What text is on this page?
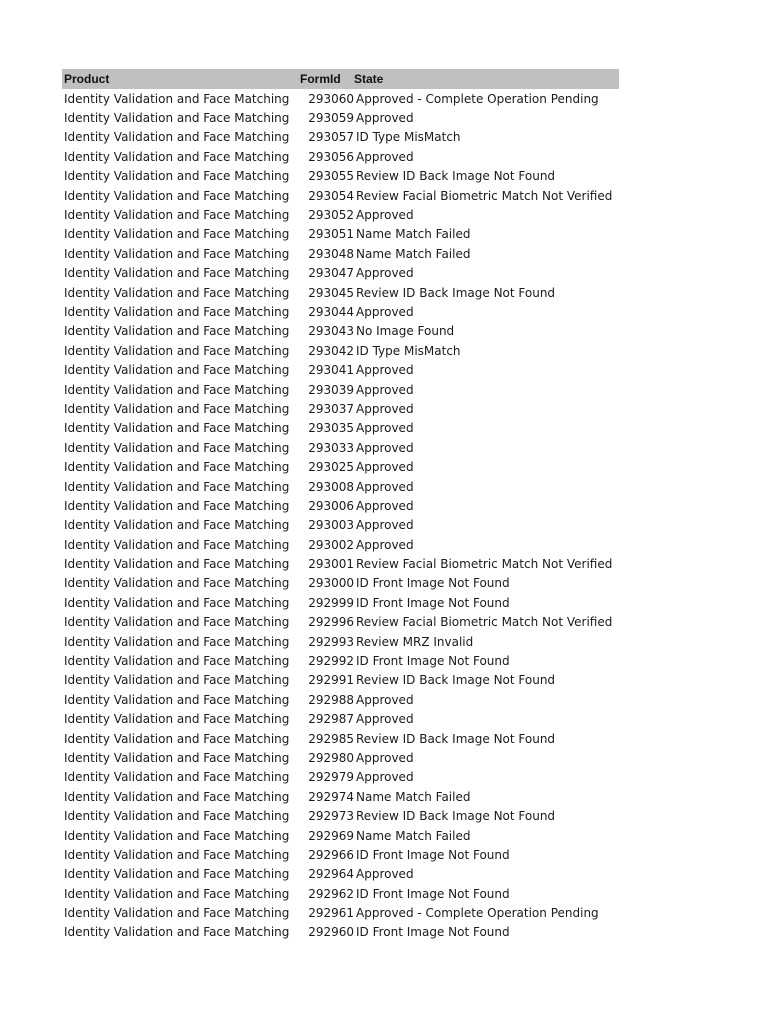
Product	FormId	State
Identity Validation and Face Matching	293060 Approved - Complete Operation Pending
Identity Validation and Face Matching	293059 Approved
Identity Validation and Face Matching	293057 ID Type MisMatch
Identity Validation and Face Matching	293056 Approved
Identity Validation and Face Matching	293055 Review ID Back Image Not Found
Identity Validation and Face Matching	293054 Review Facial Biometric Match Not Verified
Identity Validation and Face Matching	293052 Approved
Identity Validation and Face Matching	293051 Name Match Failed
Identity Validation and Face Matching	293048 Name Match Failed
Identity Validation and Face Matching	293047 Approved
Identity Validation and Face Matching	293045 Review ID Back Image Not Found
Identity Validation and Face Matching	293044 Approved
Identity Validation and Face Matching	293043 No Image Found
Identity Validation and Face Matching	293042 ID Type MisMatch
Identity Validation and Face Matching	293041 Approved
Identity Validation and Face Matching	293039 Approved
Identity Validation and Face Matching	293037 Approved
Identity Validation and Face Matching	293035 Approved
Identity Validation and Face Matching	293033 Approved
Identity Validation and Face Matching	293025 Approved
Identity Validation and Face Matching	293008 Approved
Identity Validation and Face Matching	293006 Approved
Identity Validation and Face Matching	293003 Approved
Identity Validation and Face Matching	293002 Approved
Identity Validation and Face Matching	293001 Review Facial Biometric Match Not Verified
Identity Validation and Face Matching	293000 ID Front Image Not Found
Identity Validation and Face Matching	292999 ID Front Image Not Found
Identity Validation and Face Matching	292996 Review Facial Biometric Match Not Verified
Identity Validation and Face Matching	292993 Review MRZ Invalid
Identity Validation and Face Matching	292992 ID Front Image Not Found
Identity Validation and Face Matching	292991 Review ID Back Image Not Found
Identity Validation and Face Matching	292988 Approved
Identity Validation and Face Matching	292987 Approved
Identity Validation and Face Matching	292985 Review ID Back Image Not Found
Identity Validation and Face Matching	292980 Approved
Identity Validation and Face Matching	292979 Approved
Identity Validation and Face Matching	292974 Name Match Failed
Identity Validation and Face Matching	292973 Review ID Back Image Not Found
Identity Validation and Face Matching	292969 Name Match Failed
Identity Validation and Face Matching	292966 ID Front Image Not Found
Identity Validation and Face Matching	292964 Approved
Identity Validation and Face Matching	292962 ID Front Image Not Found
Identity Validation and Face Matching	292961 Approved - Complete Operation Pending
Identity Validation and Face Matching	292960 ID Front Image Not Found
